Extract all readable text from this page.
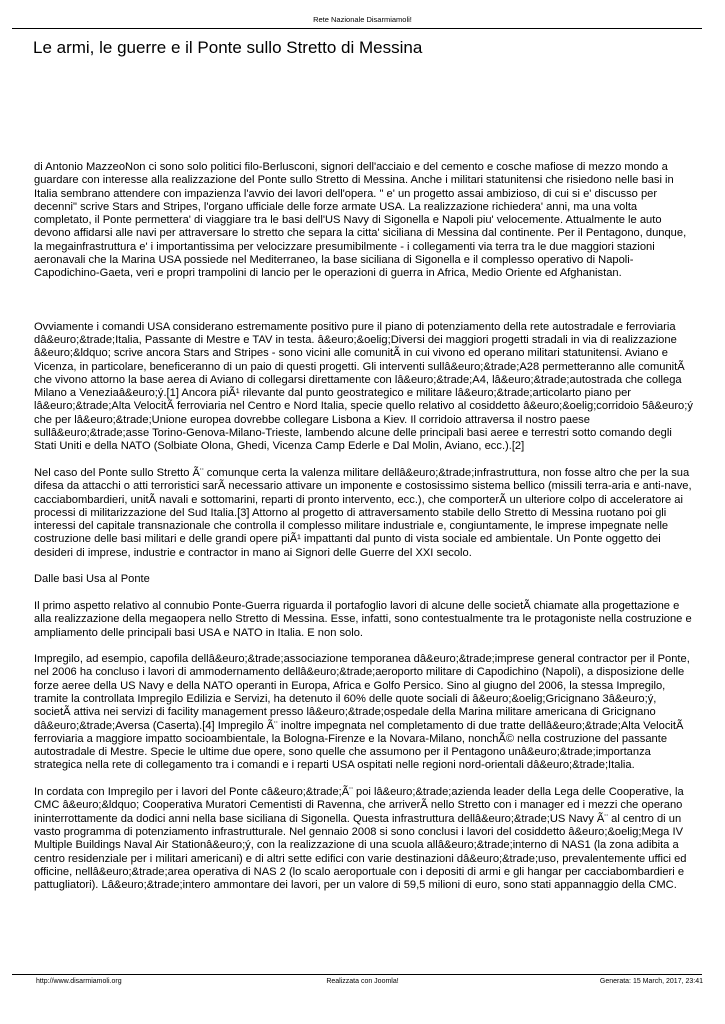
Rete Nazionale Disarmiamoli!
Le armi, le guerre e il Ponte sullo Stretto di Messina

di Antonio MazzeoNon ci sono solo politici filo-Berlusconi, signori dell'acciaio e del cemento e cosche mafiose di mezzo mondo a guardare con interesse alla realizzazione del Ponte sullo Stretto di Messina. Anche i militari statunitensi che risiedono nelle basi in Italia sembrano attendere con impazienza l'avvio dei lavori dell'opera. " e' un progetto assai ambizioso, di cui si e' discusso per decenni" scrive Stars and Stripes, l'organo ufficiale delle forze armate USA. La realizzazione richiedera' anni, ma una volta completato, il Ponte permettera' di viaggiare tra le basi dell'US Navy di Sigonella e Napoli piu' velocemente. Attualmente le auto devono affidarsi alle navi per attraversare lo stretto che separa la citta' siciliana di Messina dal continente. Per il Pentagono, dunque, la megainfrastruttura e' i importantissima per velocizzare presumibilmente - i collegamenti via terra tra le due maggiori stazioni aeronavali che la Marina USA possiede nel Mediterraneo, la base siciliana di Sigonella e il complesso operativo di Napoli-Capodichino-Gaeta, veri e propri trampolini di lancio per le operazioni di guerra in Africa, Medio Oriente ed Afghanistan.

Ovviamente i comandi USA considerano estremamente positivo pure il piano di potenziamento della rete autostradale e ferroviaria dâ&euro;&trade;Italia, Passante di Mestre e TAV in testa. â&euro;&oelig;Diversi dei maggiori progetti stradali in via di realizzazione â&euro;&ldquo; scrive ancora Stars and Stripes - sono vicini alle comunitÃ in cui vivono ed operano militari statunitensi. Aviano e Vicenza, in particolare, beneficeranno di un paio di questi progetti. Gli interventi sullâ&euro;&trade;A28 permetteranno alle comunitÃ che vivono attorno la base aerea di Aviano di collegarsi direttamente con lâ&euro;&trade;A4, lâ&euro;&trade;autostrada che collega Milano a Veneziaâ&euro;ý.[1] Ancora piÃ¹ rilevante dal punto geostrategico e militare lâ&euro;&trade;articolarto piano per lâ&euro;&trade;Alta VelocitÃ ferroviaria nel Centro e Nord Italia, specie quello relativo al cosiddetto â&euro;&oelig;corridoio 5â&euro;ý che per lâ&euro;&trade;Unione europea dovrebbe collegare Lisbona a Kiev. Il corridoio attraversa il nostro paese sullâ&euro;&trade;asse Torino-Genova-Milano-Trieste, lambendo alcune delle principali basi aeree e terrestri sotto comando degli Stati Uniti e della NATO (Solbiate Olona, Ghedi, Vicenza Camp Ederle e Dal Molin, Aviano, ecc.).[2]

Nel caso del Ponte sullo Stretto Ã¨ comunque certa la valenza militare dellâ&euro;&trade;infrastruttura, non fosse altro che per la sua difesa da attacchi o atti terroristici sarÃ necessario attivare un imponente e costosissimo sistema bellico (missili terra-aria e anti-nave, cacciabombardieri, unitÃ navali e sottomarini, reparti di pronto intervento, ecc.), che comporterÃ un ulteriore colpo di acceleratore ai processi di militarizzazione del Sud Italia.[3] Attorno al progetto di attraversamento stabile dello Stretto di Messina ruotano poi gli interessi del capitale transnazionale che controlla il complesso militare industriale e, congiuntamente, le imprese impegnate nelle costruzione delle basi militari e delle grandi opere piÃ¹ impattanti dal punto di vista sociale ed ambientale. Un Ponte oggetto dei desideri di imprese, industrie e contractor in mano ai Signori delle Guerre del XXI secolo.

Dalle basi Usa al Ponte

Il primo aspetto relativo al connubio Ponte-Guerra riguarda il portafoglio lavori di alcune delle societÃ chiamate alla progettazione e alla realizzazione della megaopera nello Stretto di Messina. Esse, infatti, sono contestualmente tra le protagoniste nella costruzione e ampliamento delle principali basi USA e NATO in Italia. E non solo.

Impregilo, ad esempio, capofila dellâ&euro;&trade;associazione temporanea dâ&euro;&trade;imprese general contractor per il Ponte, nel 2006 ha concluso i lavori di ammodernamento dellâ&euro;&trade;aeroporto militare di Capodichino (Napoli), a disposizione delle forze aeree della US Navy e della NATO operanti in Europa, Africa e Golfo Persico. Sino al giugno del 2006, la stessa Impregilo, tramite la controllata Impregilo Edilizia e Servizi, ha detenuto il 60% delle quote sociali di â&euro;&oelig;Gricignano 3â&euro;ý, societÃ attiva nei servizi di facility management presso lâ&euro;&trade;ospedale della Marina militare americana di Gricignano dâ&euro;&trade;Aversa (Caserta).[4] Impregilo Ã¨ inoltre impegnata nel completamento di due tratte dellâ&euro;&trade;Alta VelocitÃ ferroviaria a maggiore impatto socioambientale, la Bologna-Firenze e la Novara-Milano, nonchÃ© nella costruzione del passante autostradale di Mestre. Specie le ultime due opere, sono quelle che assumono per il Pentagono unâ&euro;&trade;importanza strategica nella rete di collegamento tra i comandi e i reparti USA ospitati nelle regioni nord-orientali dâ&euro;&trade;Italia.

In cordata con Impregilo per i lavori del Ponte câ&euro;&trade;Ã¨ poi lâ&euro;&trade;azienda leader della Lega delle Cooperative, la CMC â&euro;&ldquo; Cooperativa Muratori Cementisti di Ravenna, che arriverÃ nello Stretto con i manager ed i mezzi che operano ininterrottamente da dodici anni nella base siciliana di Sigonella. Questa infrastruttura dellâ&euro;&trade;US Navy Ã¨ al centro di un vasto programma di potenziamento infrastrutturale. Nel gennaio 2008 si sono conclusi i lavori del cosiddetto â&euro;&oelig;Mega IV Multiple Buildings Naval Air Stationâ&euro;ý, con la realizzazione di una scuola allâ&euro;&trade;interno di NAS1 (la zona adibita a centro residenziale per i militari americani) e di altri sette edifici con varie destinazioni dâ&euro;&trade;uso, prevalentemente uffici ed officine, nellâ&euro;&trade;area operativa di NAS 2 (lo scalo aeroportuale con i depositi di armi e gli hangar per cacciabombardieri e pattugliatori). Lâ&euro;&trade;intero ammontare dei lavori, per un valore di 59,5 milioni di euro, sono stati appannaggio della CMC.

http://www.disarmiamoli.org	Realizzata con Joomla!	Generata: 15 March, 2017, 23:41
